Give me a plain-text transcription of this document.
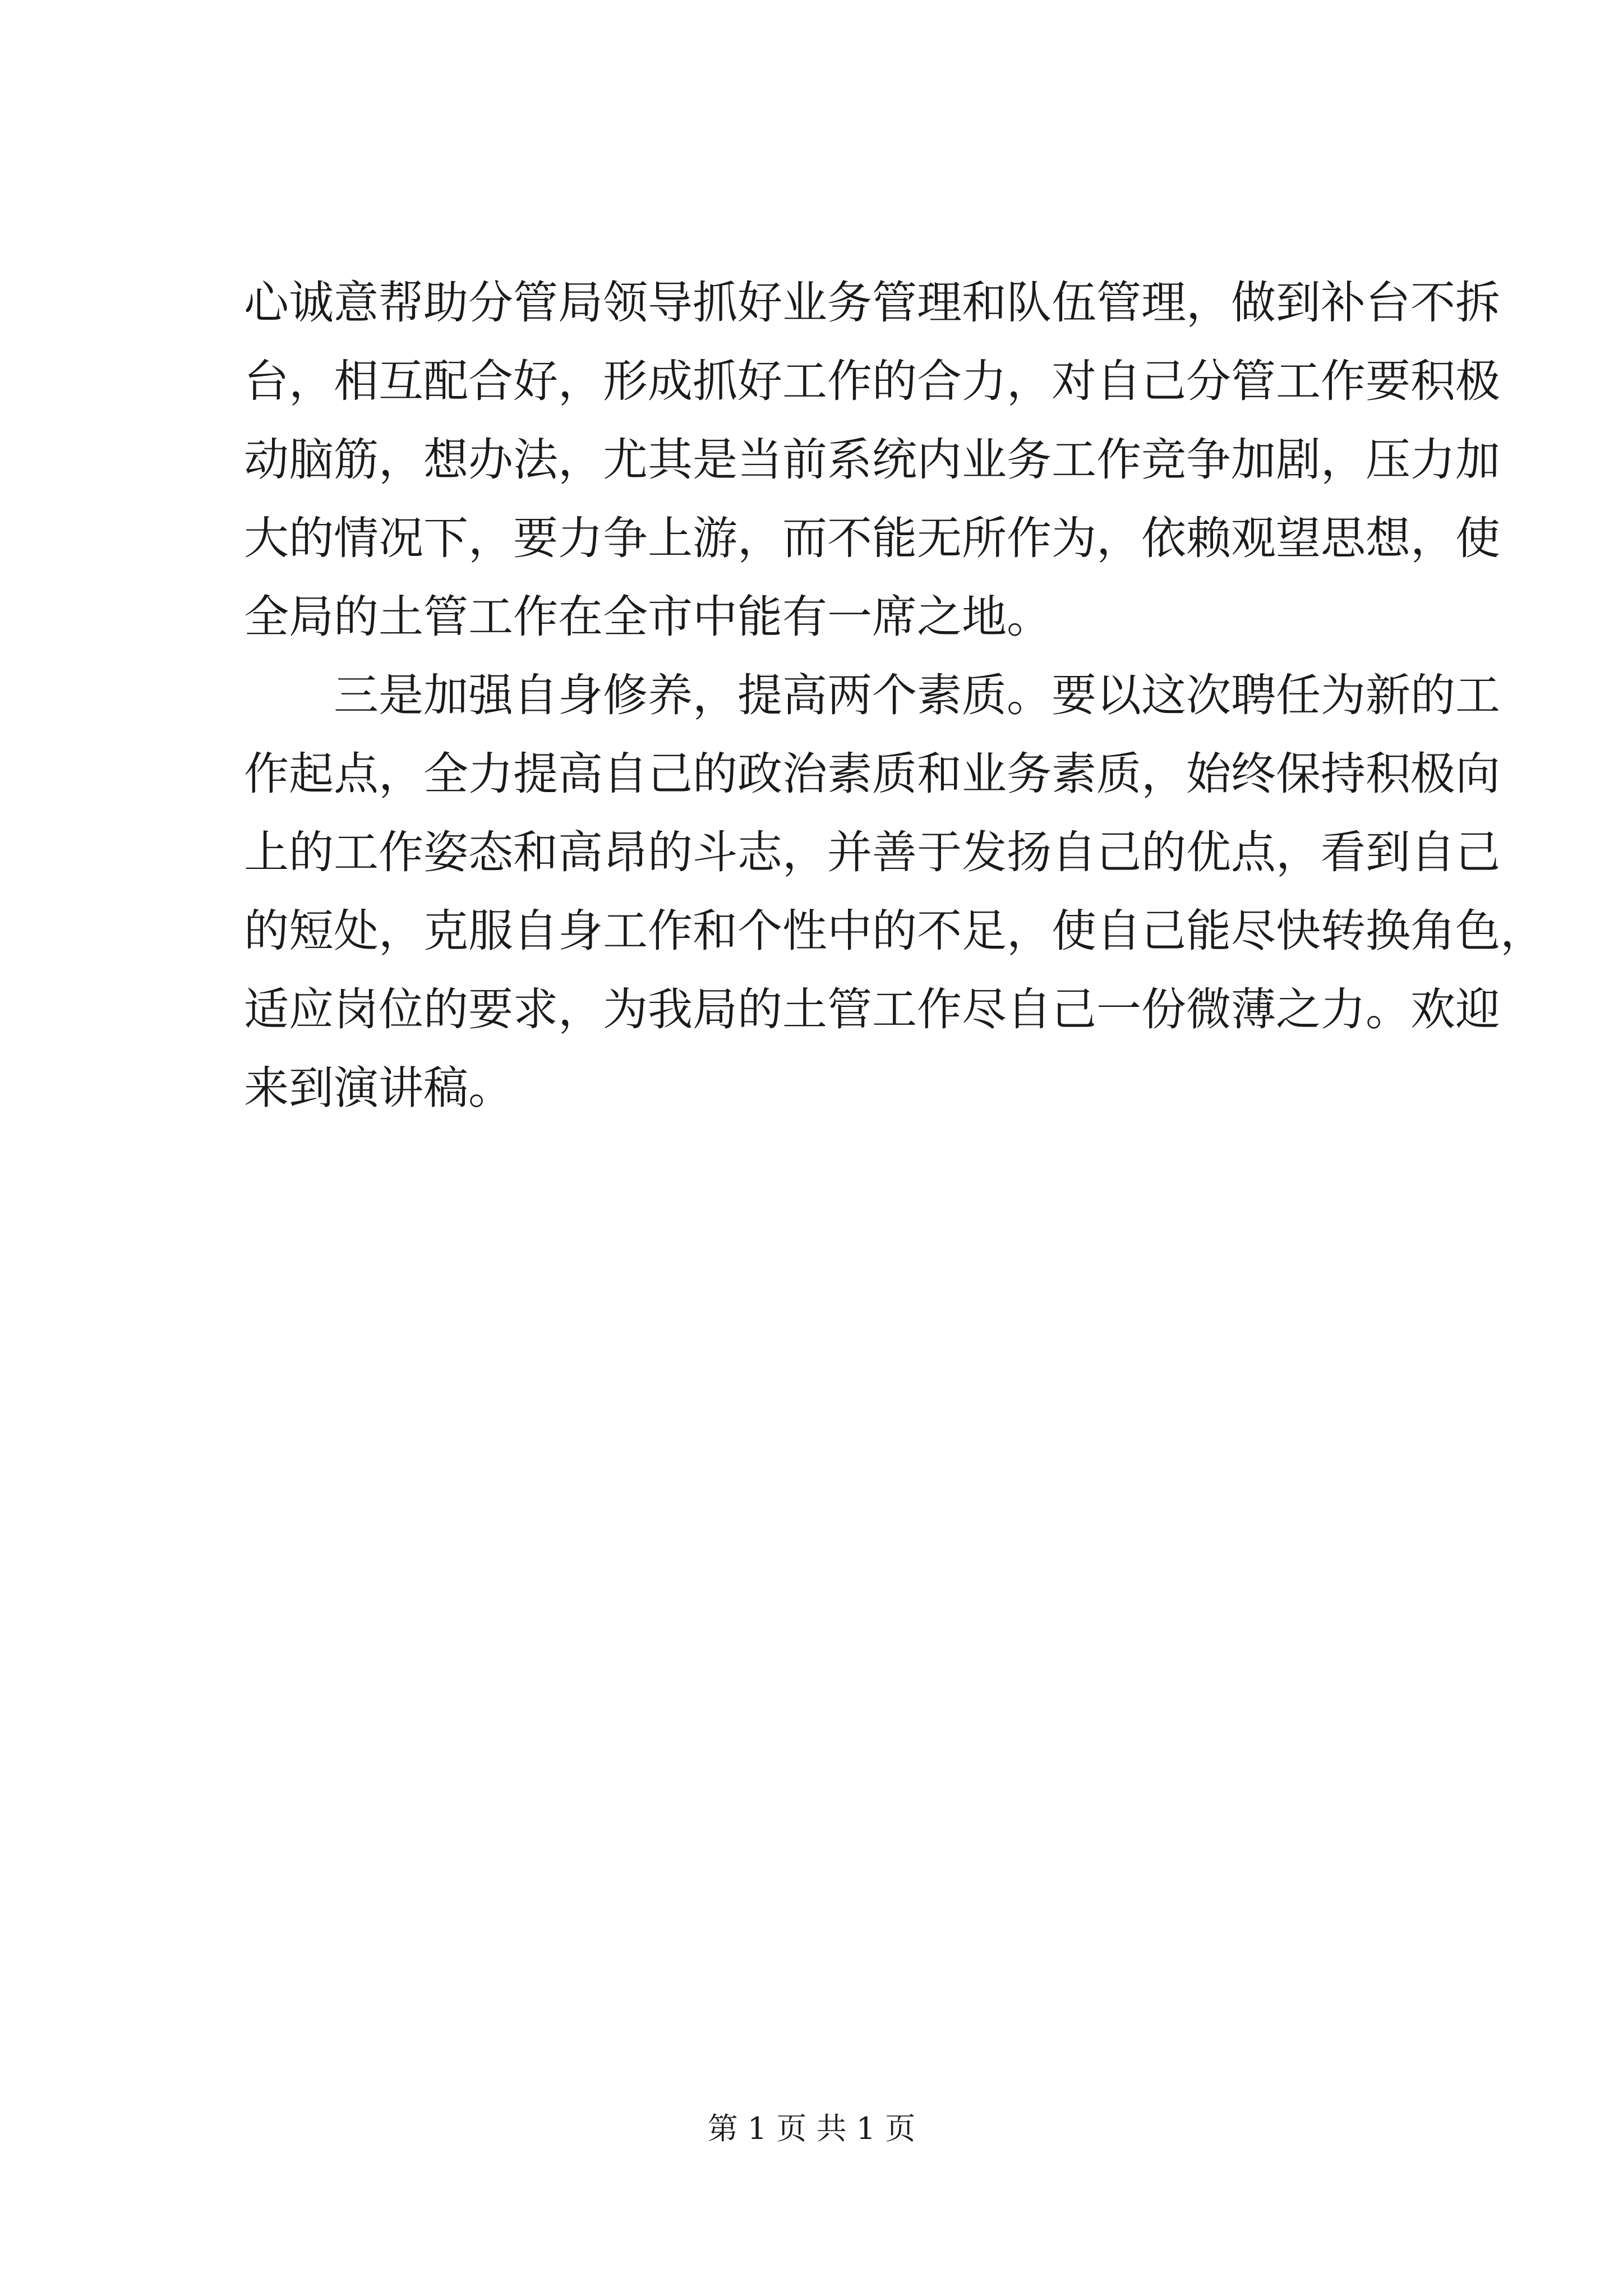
心诚意帮助分管局领导抓好业务管理和队伍管理，做到补台不拆
台，相互配合好，形成抓好工作的合力，对自己分管工作要积极
动脑筋，想办法，尤其是当前系统内业务工作竞争加剧，压力加
大的情况下，要力争上游，而不能无所作为，依赖观望思想，使
全局的土管工作在全市中能有一席之地。
三是加强自身修养，提高两个素质。要以这次聘任为新的工
作起点，全力提高自己的政治素质和业务素质，始终保持积极向
上的工作姿态和高昂的斗志，并善于发扬自己的优点，看到自己
的短处，克服自身工作和个性中的不足，使自己能尽快转换角色，
适应岗位的要求，为我局的土管工作尽自己一份微薄之力。欢迎
来到演讲稿。
第 1 页 共 1 页
